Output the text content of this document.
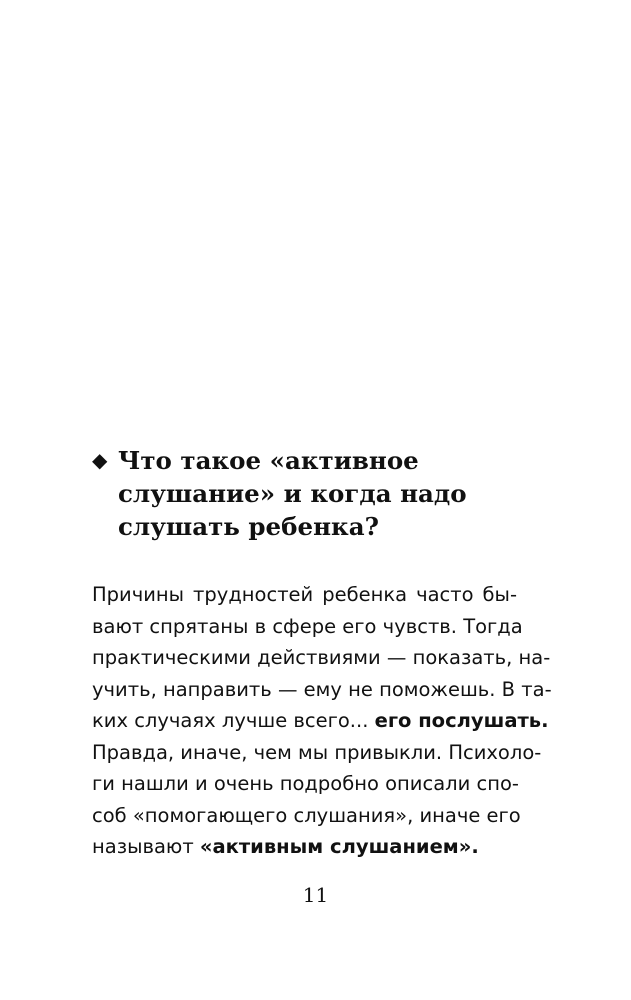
◆ Что такое «активное
слушание» и когда надо
слушать ребенка?
Причины трудностей ребенка часто бы-
вают спрятаны в сфере его чувств. Тогда
практическими действиями — показать, на-
учить, направить — ему не поможешь. В та-
ких случаях лучше всего... его послушать.
Правда, иначе, чем мы привыкли. Психоло-
ги нашли и очень подробно описали спо-
соб «помогающего слушания», иначе его
называют «активным слушанием».
11
